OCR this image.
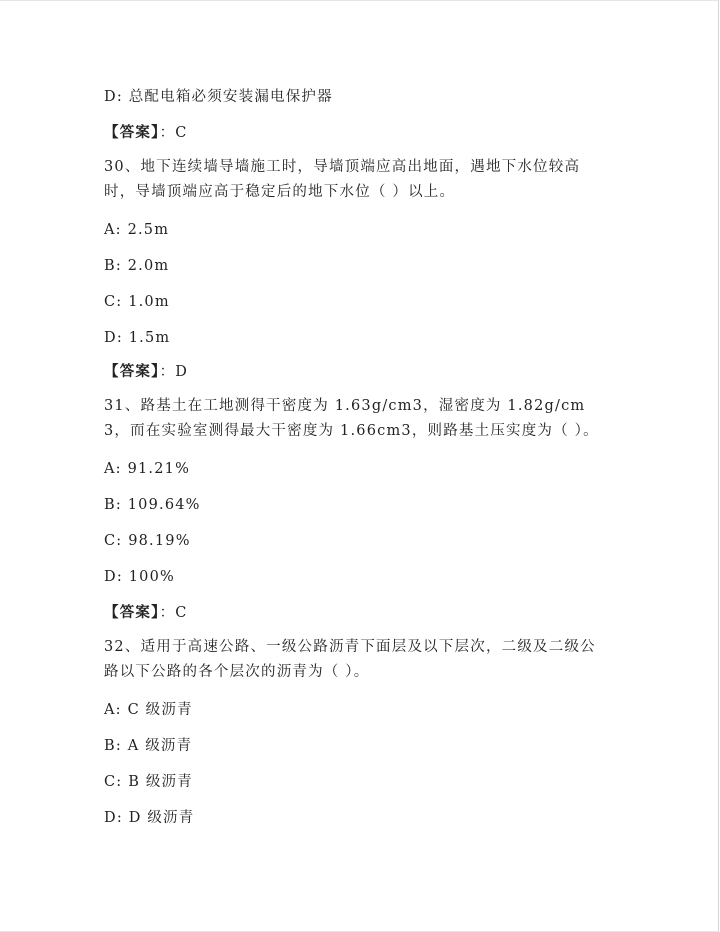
D: 总配电箱必须安装漏电保护器
【答案】：C
30、地下连续墙导墙施工时，导墙顶端应高出地面，遇地下水位较高时，导墙顶端应高于稳定后的地下水位（ ）以上。
A: 2.5m
B: 2.0m
C: 1.0m
D: 1.5m
【答案】：D
31、路基土在工地测得干密度为 1.63g/cm3，湿密度为 1.82g/cm3，而在实验室测得最大干密度为 1.66cm3，则路基土压实度为（ ）。
A: 91.21%
B: 109.64%
C: 98.19%
D: 100%
【答案】：C
32、适用于高速公路、一级公路沥青下面层及以下层次，二级及二级公路以下公路的各个层次的沥青为（ ）。
A: C 级沥青
B: A 级沥青
C: B 级沥青
D: D 级沥青
